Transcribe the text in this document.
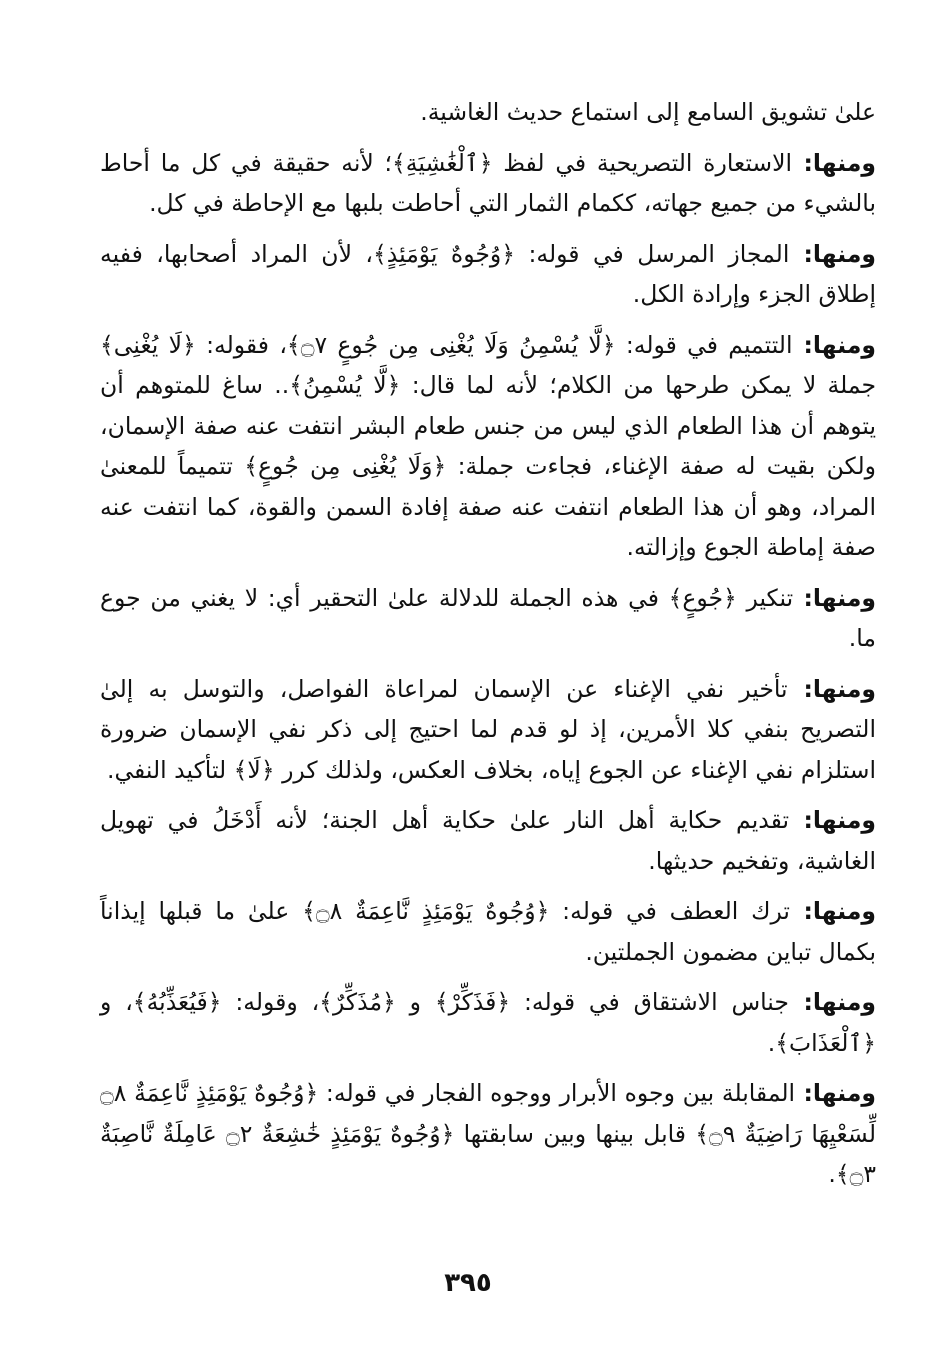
علىٰ تشويق السامع إلى استماع حديث الغاشية.

ومنها: الاستعارة التصريحية في لفظ ﴿ٱلْغَٰشِيَةِ﴾؛ لأنه حقيقة في كل ما أحاط بالشيء من جميع جهاته، ككمام الثمار التي أحاطت بلبها مع الإحاطة في كل.

ومنها: المجاز المرسل في قوله: ﴿وُجُوهٌ يَوْمَئِذٍ﴾، لأن المراد أصحابها، ففيه إطلاق الجزء وإرادة الكل.

ومنها: التتميم في قوله: ﴿لَّا يُسْمِنُ وَلَا يُغْنِى مِن جُوعٍ ۝٧﴾، فقوله: ﴿لَا يُغْنِى﴾ جملة لا يمكن طرحها من الكلام؛ لأنه لما قال: ﴿لَّا يُسْمِنُ﴾.. ساغ للمتوهم أن يتوهم أن هذا الطعام الذي ليس من جنس طعام البشر انتفت عنه صفة الإسمان، ولكن بقيت له صفة الإغناء، فجاءت جملة: ﴿وَلَا يُغْنِى مِن جُوعٍ﴾ تتميماً للمعنىٰ المراد، وهو أن هذا الطعام انتفت عنه صفة إفادة السمن والقوة، كما انتفت عنه صفة إماطة الجوع وإزالته.

ومنها: تنكير ﴿جُوعٍ﴾ في هذه الجملة للدلالة علىٰ التحقير أي: لا يغني من جوع ما.

ومنها: تأخير نفي الإغناء عن الإسمان لمراعاة الفواصل، والتوسل به إلىٰ التصريح بنفي كلا الأمرين، إذ لو قدم لما احتيج إلى ذكر نفي الإسمان ضرورة استلزام نفي الإغناء عن الجوع إياه، بخلاف العكس، ولذلك كرر ﴿لَا﴾ لتأكيد النفي.

ومنها: تقديم حكاية أهل النار علىٰ حكاية أهل الجنة؛ لأنه أَدْخَلُ في تهويل الغاشية، وتفخيم حديثها.

ومنها: ترك العطف في قوله: ﴿وُجُوهٌ يَوْمَئِذٍ نَّاعِمَةٌ ۝٨﴾ علىٰ ما قبلها إيذاناً بكمال تباين مضمون الجملتين.

ومنها: جناس الاشتقاق في قوله: ﴿فَذَكِّرْ﴾ و ﴿مُذَكِّرٌ﴾، وقوله: ﴿فَيُعَذِّبُهُ﴾، و ﴿ٱلْعَذَابَ﴾.

ومنها: المقابلة بين وجوه الأبرار ووجوه الفجار في قوله: ﴿وُجُوهٌ يَوْمَئِذٍ نَّاعِمَةٌ ۝٨ لِّسَعْيِهَا رَاضِيَةٌ ۝٩﴾ قابل بينها وبين سابقتها ﴿وُجُوهٌ يَوْمَئِذٍ خَٰشِعَةٌ ۝٢ عَامِلَةٌ نَّاصِبَةٌ ۝٣﴾.

٣٩٥
